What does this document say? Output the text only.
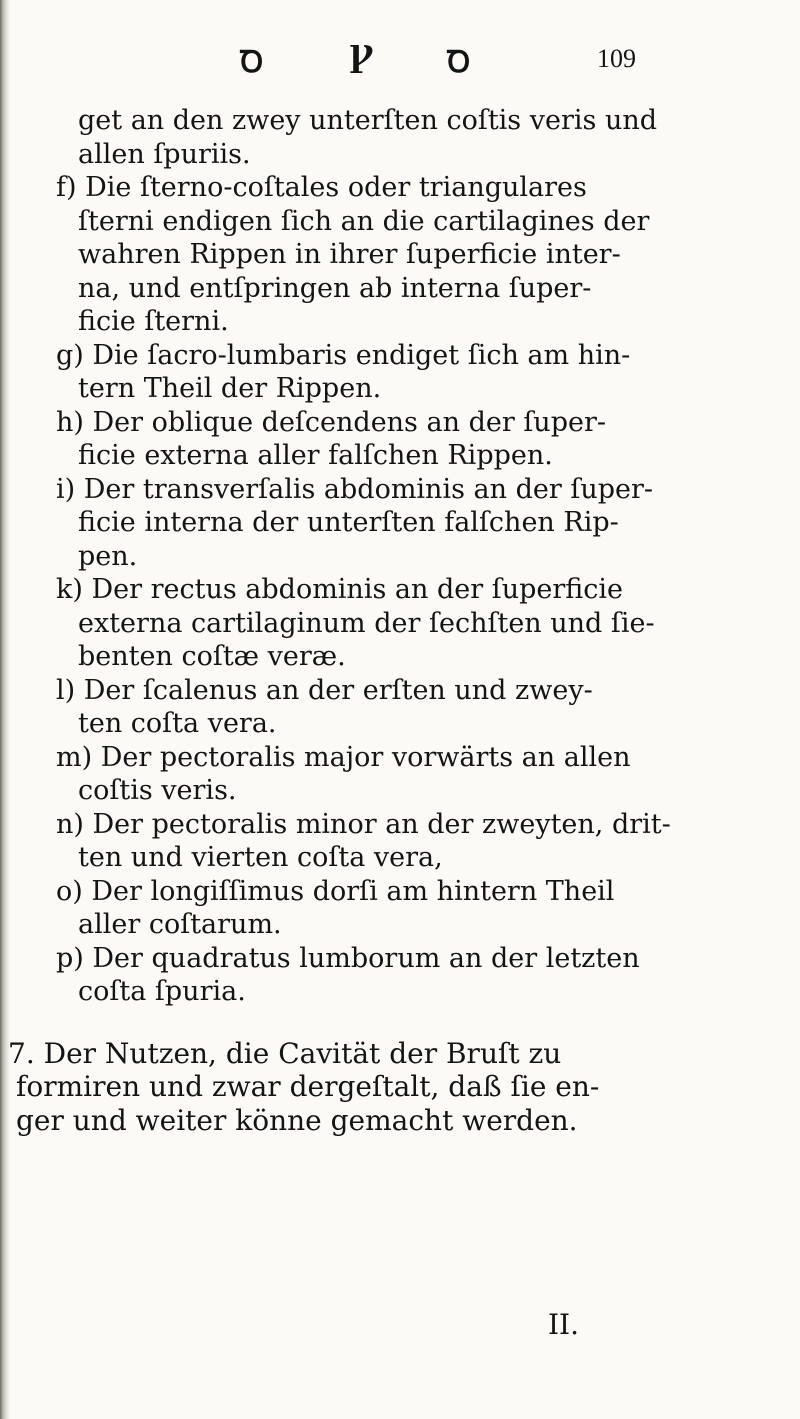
Ꝺ	Ꝩ Ꝺ	109
get an den zwey unterſten coſtis veris und
allen ſpuriis.
f) Die ſterno-coſtales oder triangulares
ſterni endigen ſich an die cartilagines der
wahren Rippen in ihrer ſuperficie inter-
na, und entſpringen ab interna ſuper-
ficie ſterni.
g) Die ſacro-lumbaris endiget ſich am hin-
tern Theil der Rippen.
h) Der oblique deſcendens an der ſuper-
ficie externa aller falſchen Rippen.
i) Der transverſalis abdominis an der ſuper-
ficie interna der unterſten falſchen Rip-
pen.
k) Der rectus abdominis an der ſuperficie
externa cartilaginum der ſechſten und ſie-
benten coſtæ veræ.
l) Der ſcalenus an der erſten und zwey-
ten coſta vera.
m) Der pectoralis major vorwärts an allen
coſtis veris.
n) Der pectoralis minor an der zweyten, drit-
ten und vierten coſta vera,
o) Der longiſſimus dorſi am hintern Theil
aller coſtarum.
p) Der quadratus lumborum an der letzten
coſta ſpuria.
7. Der Nutzen, die Cavität der Bruſt zu
formiren und zwar dergeſtalt, daß ſie en-
ger und weiter könne gemacht werden.
II.
